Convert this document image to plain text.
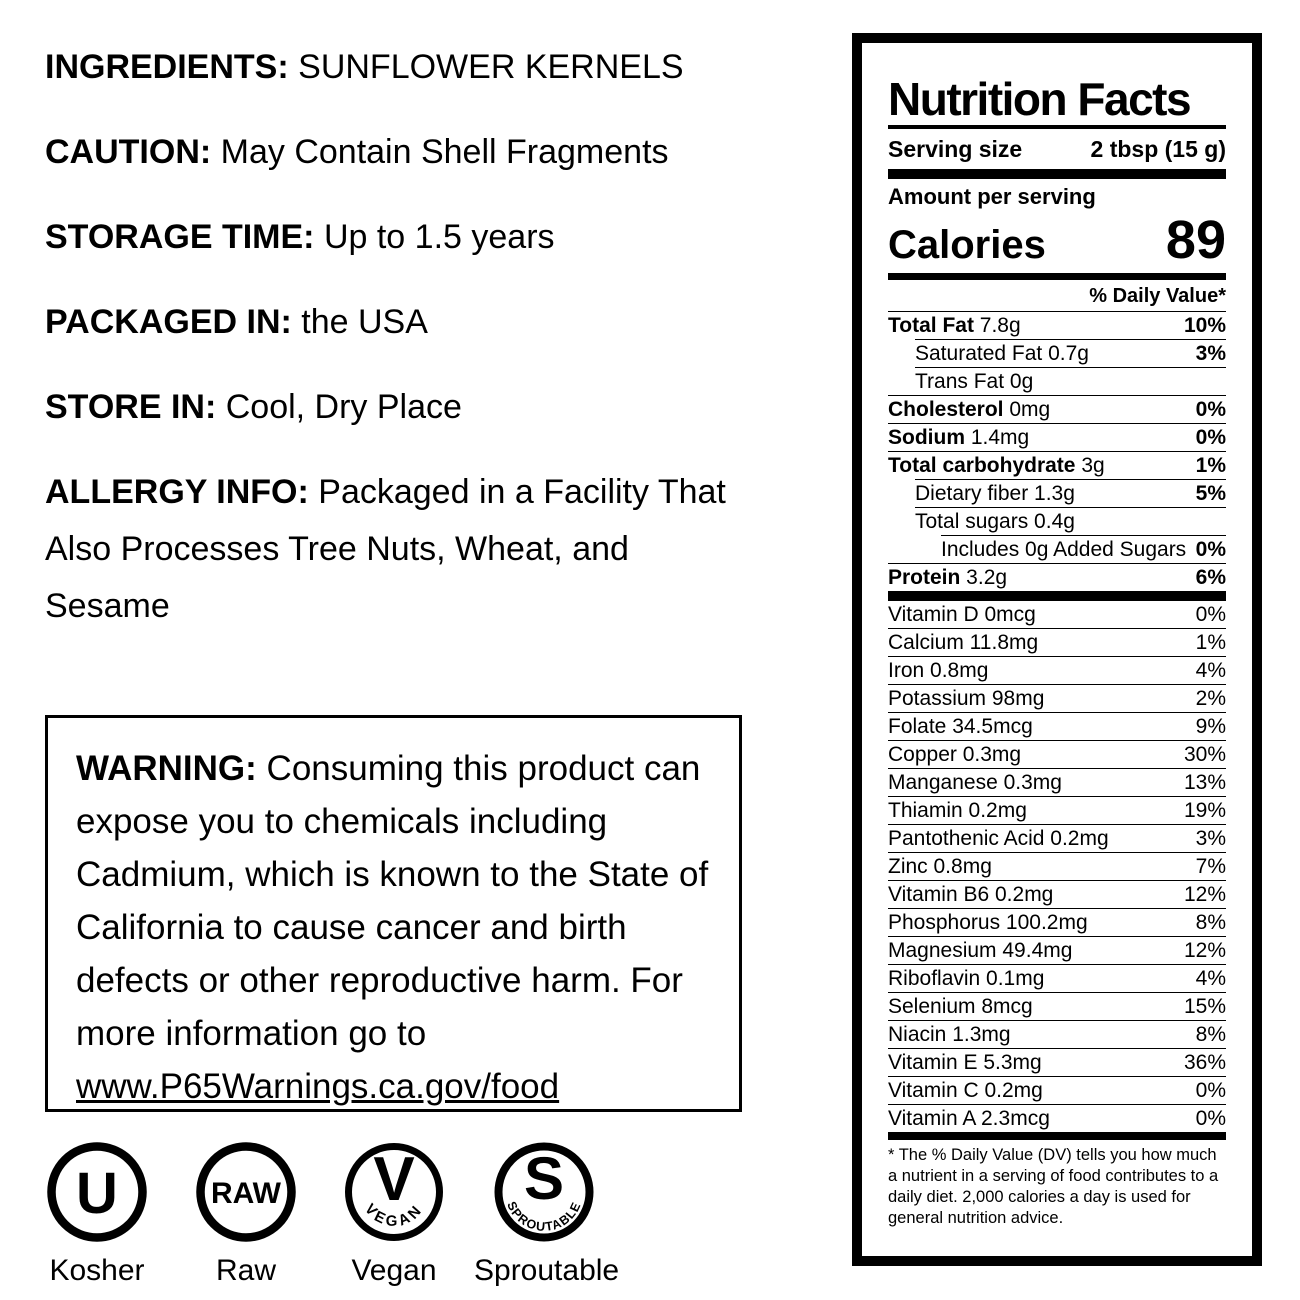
INGREDIENTS: SUNFLOWER KERNELS

CAUTION: May Contain Shell Fragments

STORAGE TIME: Up to 1.5 years

PACKAGED IN: the USA

STORE IN: Cool, Dry Place

ALLERGY INFO: Packaged in a Facility That Also Processes Tree Nuts, Wheat, and Sesame

WARNING: Consuming this product can expose you to chemicals including Cadmium, which is known to the State of California to cause cancer and birth defects or other reproductive harm. For more information go to
www.P65Warnings.ca.gov/food
U	RAW V
VEGAN S
SPROUTABLE
Kosher	Raw	Vegan	Sproutable
Nutrition Facts
Serving size	2 tbsp (15 g)
Amount per serving
Calories 89
% Daily Value*
Total Fat 7.8g	10%
Saturated Fat 0.7g	3%
Trans Fat 0g
Cholesterol 0mg	0%
Sodium 1.4mg	0%
Total carbohydrate 3g	1%
Dietary fiber 1.3g	5%
Total sugars 0.4g
Includes 0g Added Sugars 0%
Protein 3.2g	6%
Vitamin D 0mcg	0%
Calcium 11.8mg	1%
Iron 0.8mg	4%
Potassium 98mg	2%
Folate 34.5mcg	9%
Copper 0.3mg	30%
Manganese 0.3mg	13%
Thiamin 0.2mg	19%
Pantothenic Acid 0.2mg	3%
Zinc 0.8mg	7%
Vitamin B6 0.2mg	12%
Phosphorus 100.2mg	8%
Magnesium 49.4mg	12%
Riboflavin 0.1mg	4%
Selenium 8mcg	15%
Niacin 1.3mg	8%
Vitamin E 5.3mg	36%
Vitamin C 0.2mg	0%
Vitamin A 2.3mcg	0%
* The % Daily Value (DV) tells you how much a nutrient in a serving of food contributes to a daily diet. 2,000 calories a day is used for general nutrition advice.
